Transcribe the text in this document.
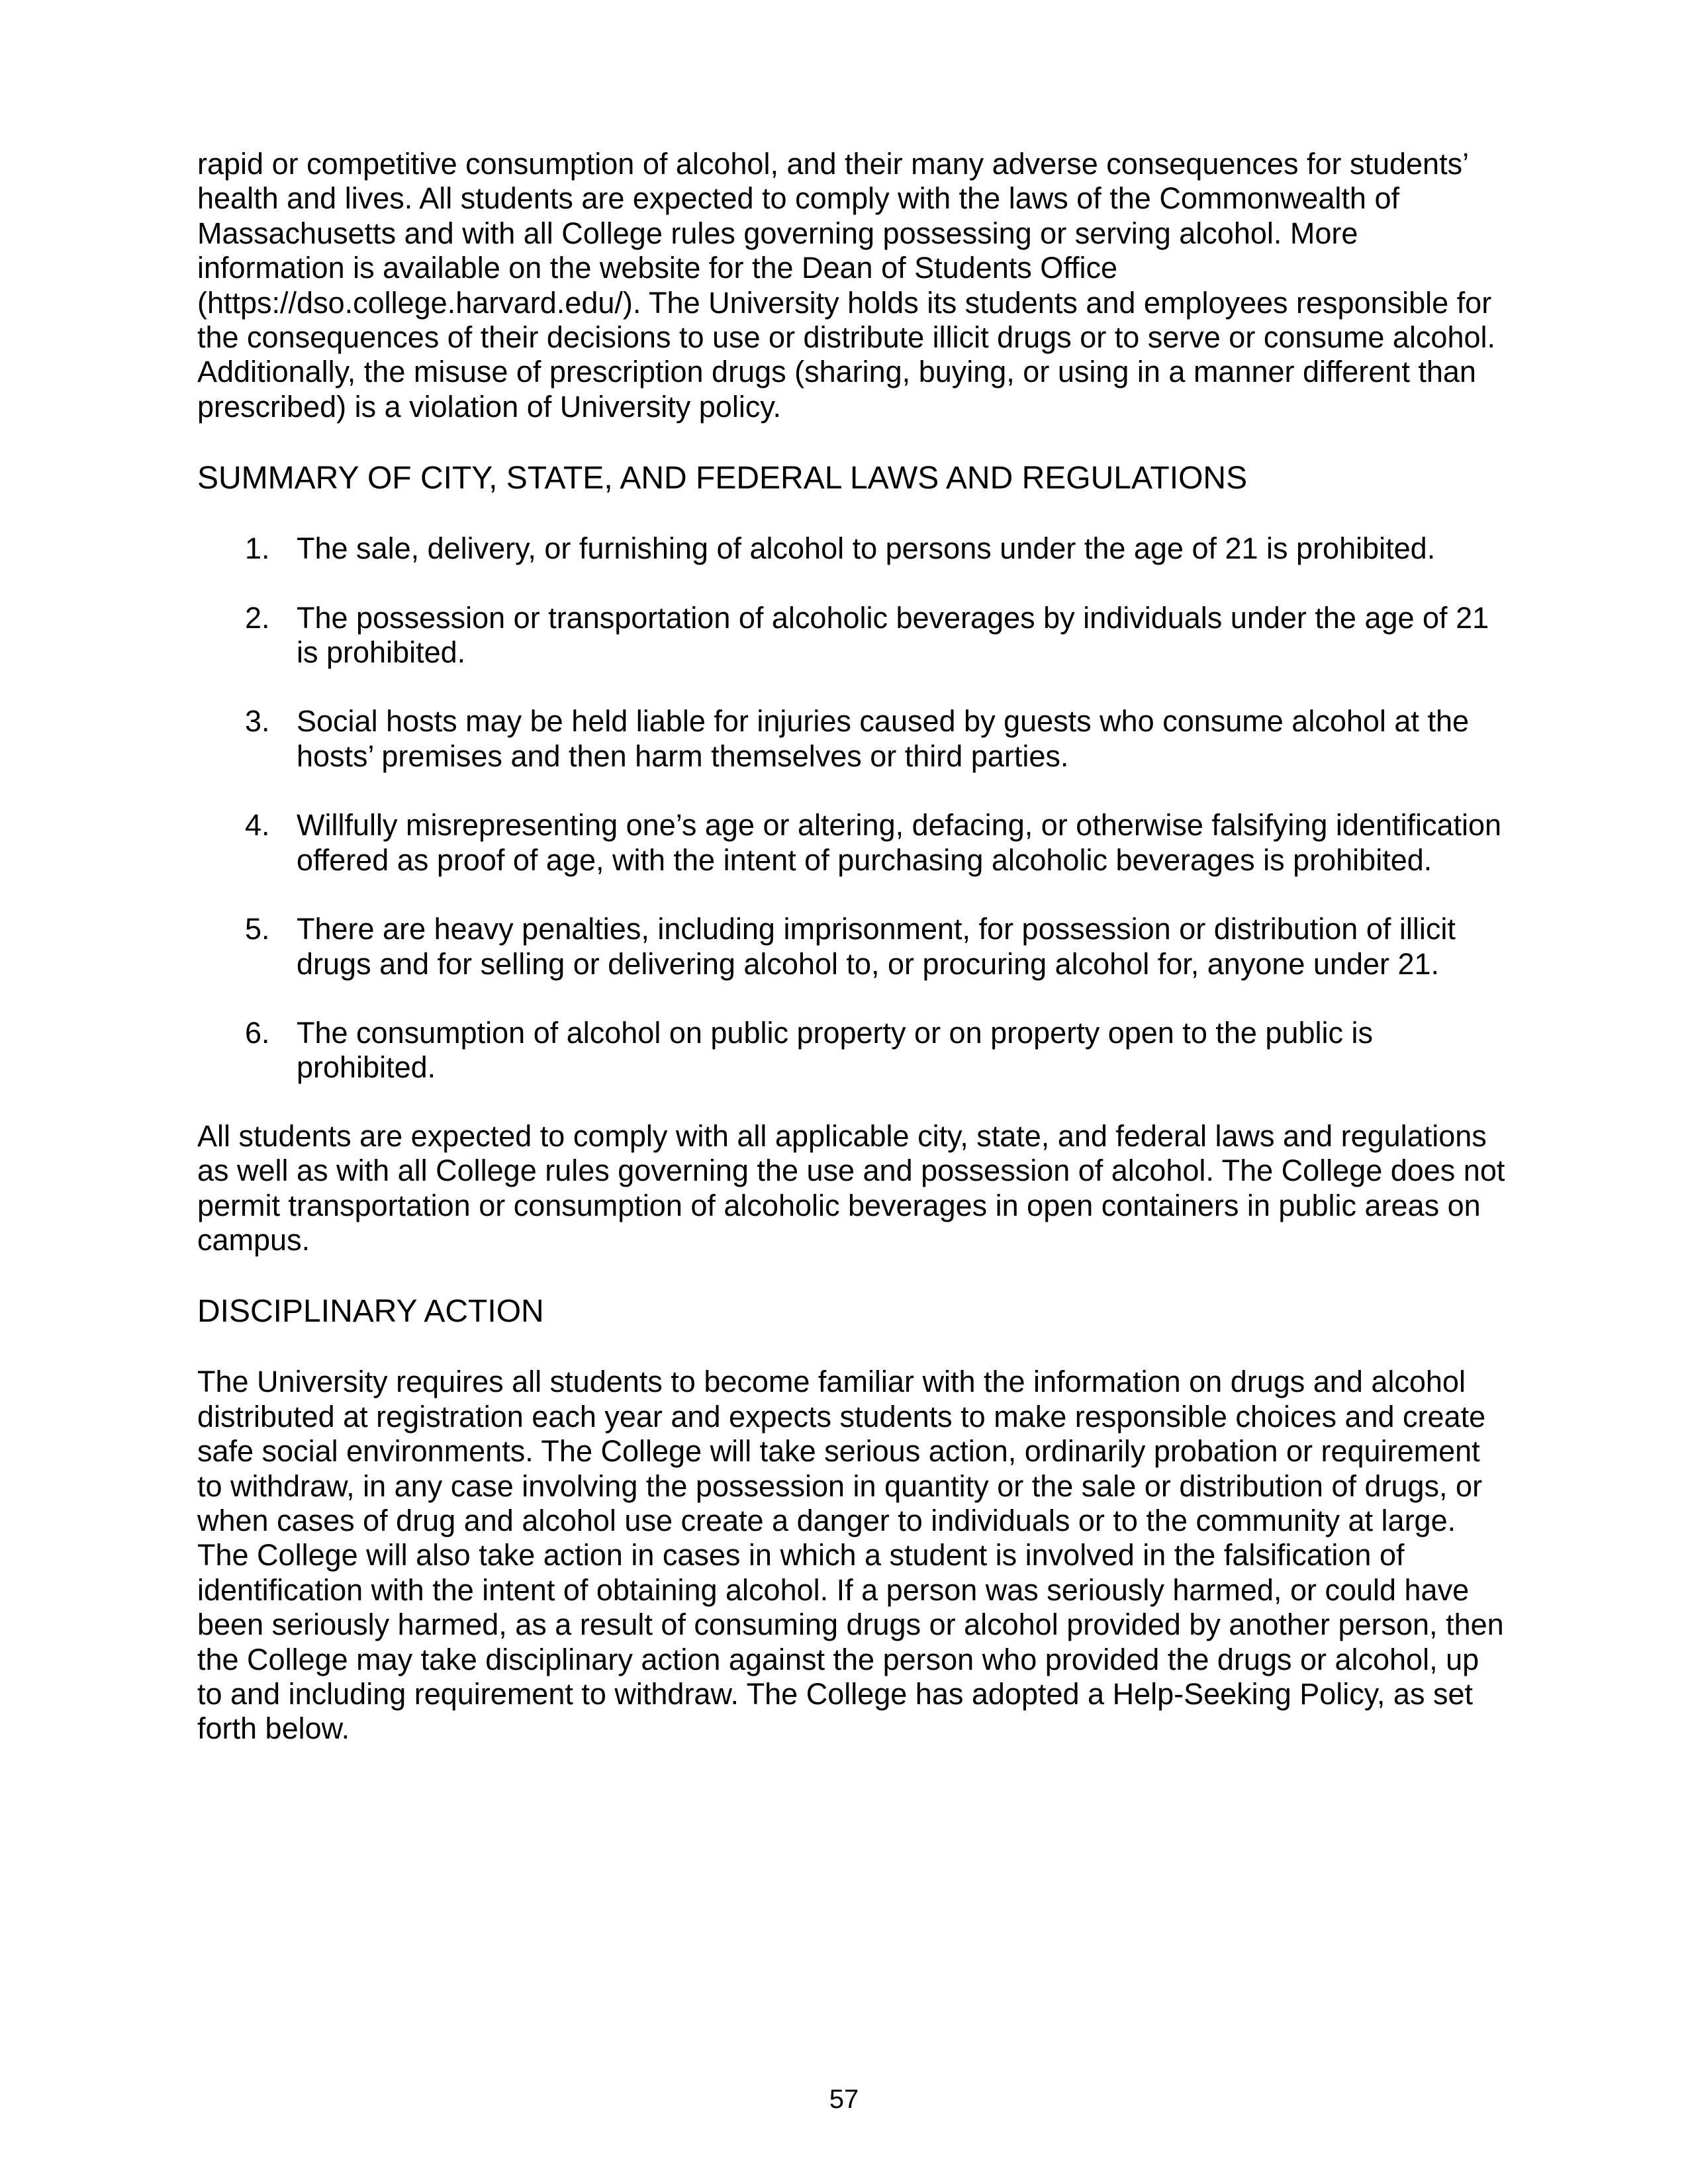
rapid or competitive consumption of alcohol, and their many adverse consequences for students’ health and lives. All students are expected to comply with the laws of the Commonwealth of Massachusetts and with all College rules governing possessing or serving alcohol. More information is available on the website for the Dean of Students Office (https://dso.college.harvard.edu/). The University holds its students and employees responsible for the consequences of their decisions to use or distribute illicit drugs or to serve or consume alcohol. Additionally, the misuse of prescription drugs (sharing, buying, or using in a manner different than prescribed) is a violation of University policy.

SUMMARY OF CITY, STATE, AND FEDERAL LAWS AND REGULATIONS
1. The sale, delivery, or furnishing of alcohol to persons under the age of 21 is prohibited.
2. The possession or transportation of alcoholic beverages by individuals under the age of 21 is prohibited.
3. Social hosts may be held liable for injuries caused by guests who consume alcohol at the hosts’ premises and then harm themselves or third parties.
4. Willfully misrepresenting one’s age or altering, defacing, or otherwise falsifying identification offered as proof of age, with the intent of purchasing alcoholic beverages is prohibited.
5. There are heavy penalties, including imprisonment, for possession or distribution of illicit drugs and for selling or delivering alcohol to, or procuring alcohol for, anyone under 21.
6. The consumption of alcohol on public property or on property open to the public is prohibited.

All students are expected to comply with all applicable city, state, and federal laws and regulations as well as with all College rules governing the use and possession of alcohol. The College does not permit transportation or consumption of alcoholic beverages in open containers in public areas on campus.

DISCIPLINARY ACTION

The University requires all students to become familiar with the information on drugs and alcohol distributed at registration each year and expects students to make responsible choices and create safe social environments. The College will take serious action, ordinarily probation or requirement to withdraw, in any case involving the possession in quantity or the sale or distribution of drugs, or when cases of drug and alcohol use create a danger to individuals or to the community at large. The College will also take action in cases in which a student is involved in the falsification of identification with the intent of obtaining alcohol. If a person was seriously harmed, or could have been seriously harmed, as a result of consuming drugs or alcohol provided by another person, then the College may take disciplinary action against the person who provided the drugs or alcohol, up to and including requirement to withdraw. The College has adopted a Help-Seeking Policy, as set forth below.

57
